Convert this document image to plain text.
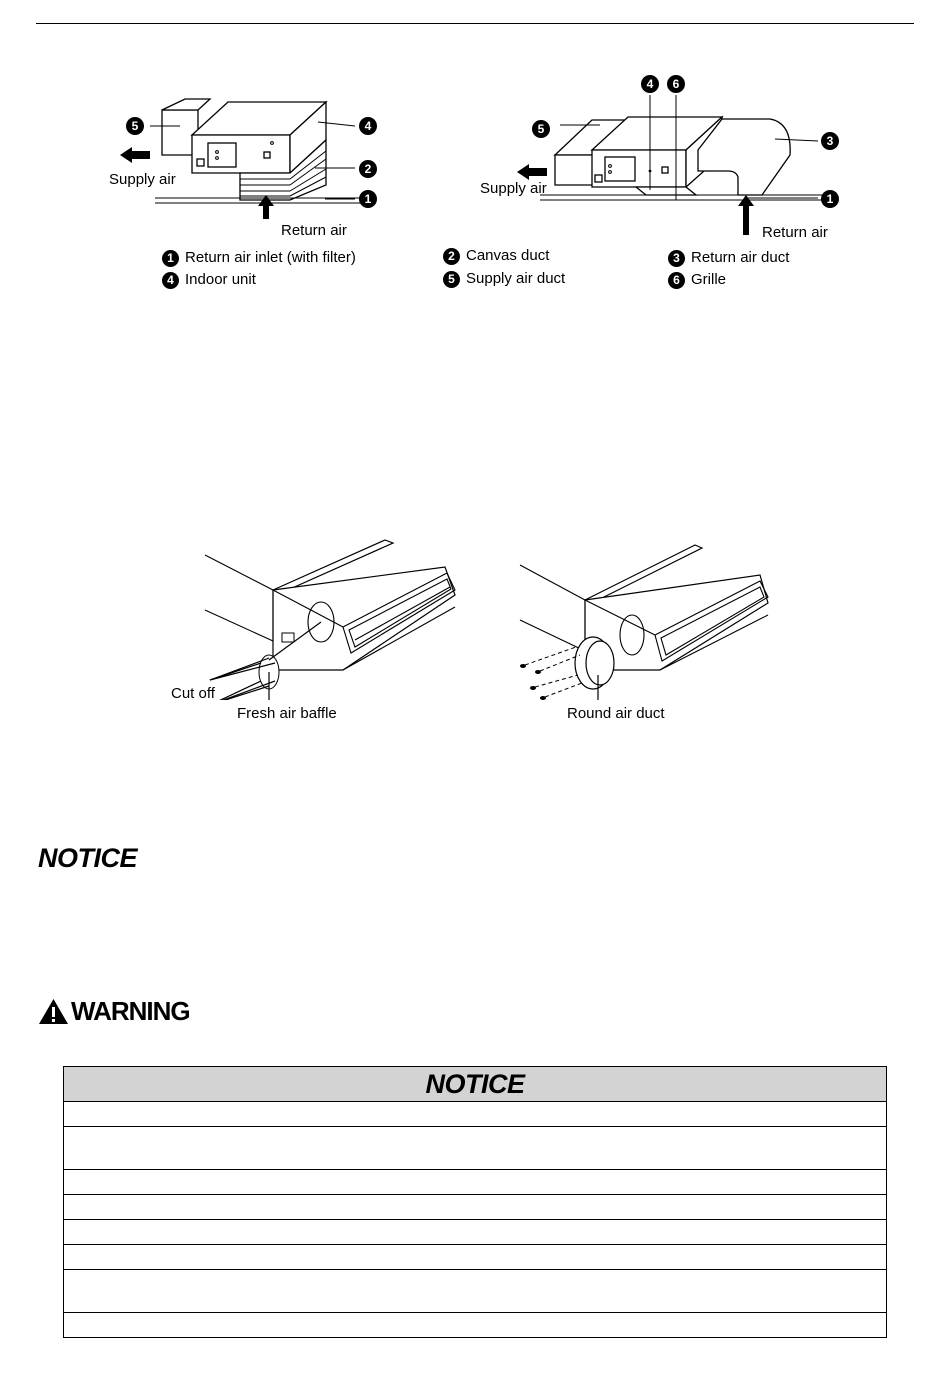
5	4
2
1
Supply air
Return air
4	6
5
3
1
Supply air
Return air
1 Return air inlet (with filter)
4 Indoor unit
2 Canvas duct
5 Supply air duct
3 Return air duct
6 Grille
Cut off
Fresh air baffle	Round air duct
NOTICE
WARNING
NOTICE
